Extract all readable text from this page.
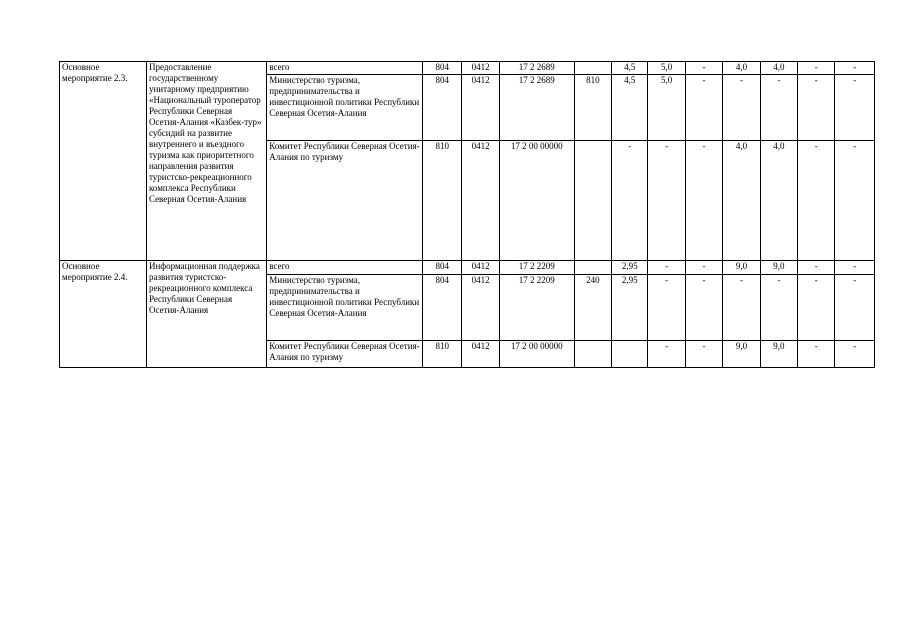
Основное мероприятие 2.3.	Предоставление государственному унитарному предприятию «Национальный туроператор Республики Северная Осетия-Алания «Казбек-тур» субсидий на развитие внутреннего и въездного туризма как приоритетного направления развития туристско-рекреационного комплекса Республики Северная Осетия-Алания	всего	804	0412	17 2 2689		4,5	5,0	-	4,0	4,0	-	-
		Министерство туризма, предпринимательства и инвестиционной политики Республики Северная Осетия-Алания	804	0412	17 2 2689	810	4,5	5,0	-	-	-	-	-
		Комитет Республики Северная Осетия-Алания по туризму	810	0412	17 2 00 00000		-	-	-	4,0	4,0	-	-
Основное мероприятие 2.4.	Информационная поддержка развития туристско-рекреационного комплекса Республики Северная Осетия-Алания	всего	804	0412	17 2 2209		2,95	-	-	9,0	9,0	-	-
		Министерство туризма, предпринимательства и инвестиционной политики Республики Северная Осетия-Алания	804	0412	17 2 2209	240	2,95	-	-	-	-	-	-
		Комитет Республики Северная Осетия-Алания по туризму	810	0412	17 2 00 00000			-	-	9,0	9,0	-	-
